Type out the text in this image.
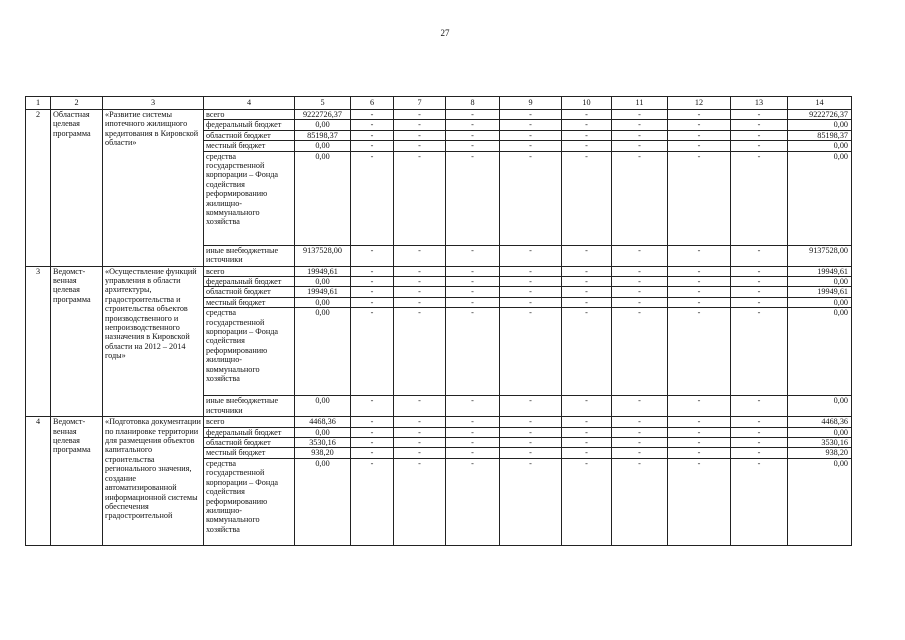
27
1	2	3	4	5	6	7	8	9	10	11	12	13	14
2	Областная целевая программа	«Развитие системы ипотечного жилищного кредитования в Кировской области»	всего	9222726,37	-	-	-	-	-	-	-	-	9222726,37
			федеральный бюджет	0,00	-	-	-	-	-	-	-	-	0,00
			областной бюджет	85198,37	-	-	-	-	-	-	-	-	85198,37
			местный бюджет	0,00	-	-	-	-	-	-	-	-	0,00
			средства государственной корпорации – Фонда содействия реформированию жилищно-коммунального хозяйства	0,00	-	-	-	-	-	-	-	-	0,00
			иные внебюджетные источники	9137528,00	-	-	-	-	-	-	-	-	9137528,00
3	Ведомст-венная целевая программа	«Осуществление функций управления в области архитектуры, градостроительства и строительства объектов производственного и непроизводственного назначения в Кировской области на 2012 – 2014 годы»	всего	19949,61	-	-	-	-	-	-	-	-	19949,61
			федеральный бюджет	0,00	-	-	-	-	-	-	-	-	0,00
			областной бюджет	19949,61	-	-	-	-	-	-	-	-	19949,61
			местный бюджет	0,00	-	-	-	-	-	-	-	-	0,00
			средства государственной корпорации – Фонда содействия реформированию жилищно-коммунального хозяйства	0,00	-	-	-	-	-	-	-	-	0,00
			иные внебюджетные источники	0,00	-	-	-	-	-	-	-	-	0,00
4	Ведомст-венная целевая программа	«Подготовка документации по планировке территории для размещения объектов капитального строительства регионального значения, создание автоматизированной информационной системы обеспечения градостроительной	всего	4468,36	-	-	-	-	-	-	-	-	4468,36
			федеральный бюджет	0,00	-	-	-	-	-	-	-	-	0,00
			областной бюджет	3530,16	-	-	-	-	-	-	-	-	3530,16
			местный бюджет	938,20	-	-	-	-	-	-	-	-	938,20
			средства государственной корпорации – Фонда содействия реформированию жилищно-коммунального хозяйства	0,00	-	-	-	-	-	-	-	-	0,00
